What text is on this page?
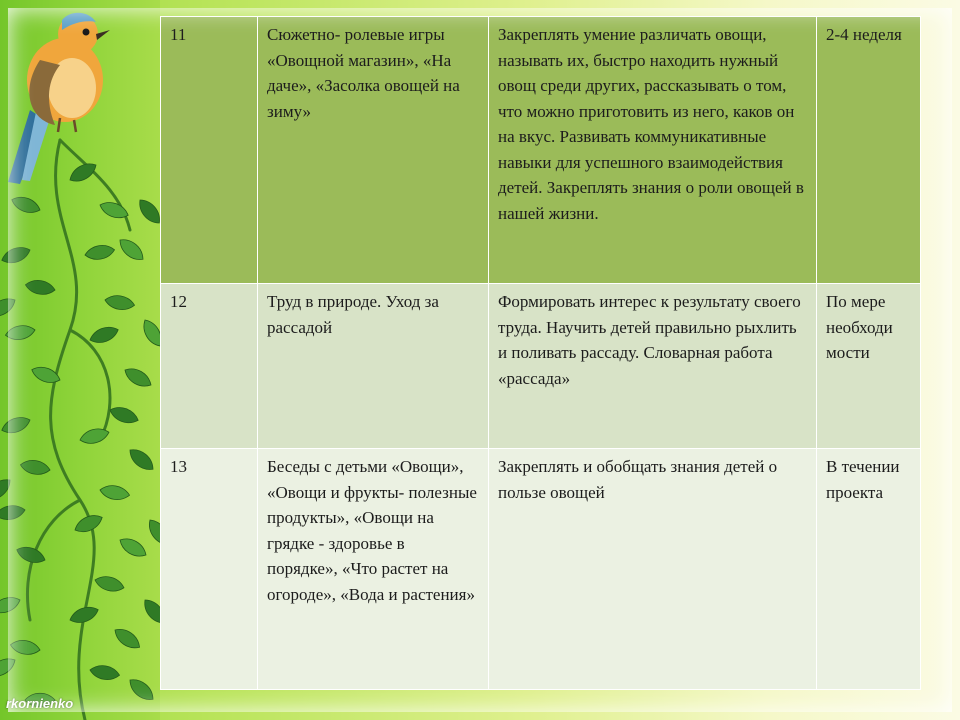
rkornienko
11	Сюжетно- ролевые игры «Овощной магазин», «На даче», «Засолка овощей на зиму»	Закреплять умение различать овощи, называть их, быстро находить нужный овощ среди других, рассказывать о том, что можно приготовить из него, каков он на вкус. Развивать коммуникативные навыки для успешного взаимодействия детей. Закреплять знания о роли овощей в нашей жизни.	2-4 неделя
12	Труд в природе. Уход за рассадой	Формировать интерес к результату своего труда. Научить детей правильно рыхлить и поливать рассаду. Словарная работа «рассада»	По мере необходи мости
13	Беседы с детьми «Овощи», «Овощи и фрукты- полезные продукты», «Овощи на грядке - здоровье в порядке», «Что растет на огороде», «Вода и растения»	Закреплять и обобщать знания детей о пользе овощей	В течении проекта
